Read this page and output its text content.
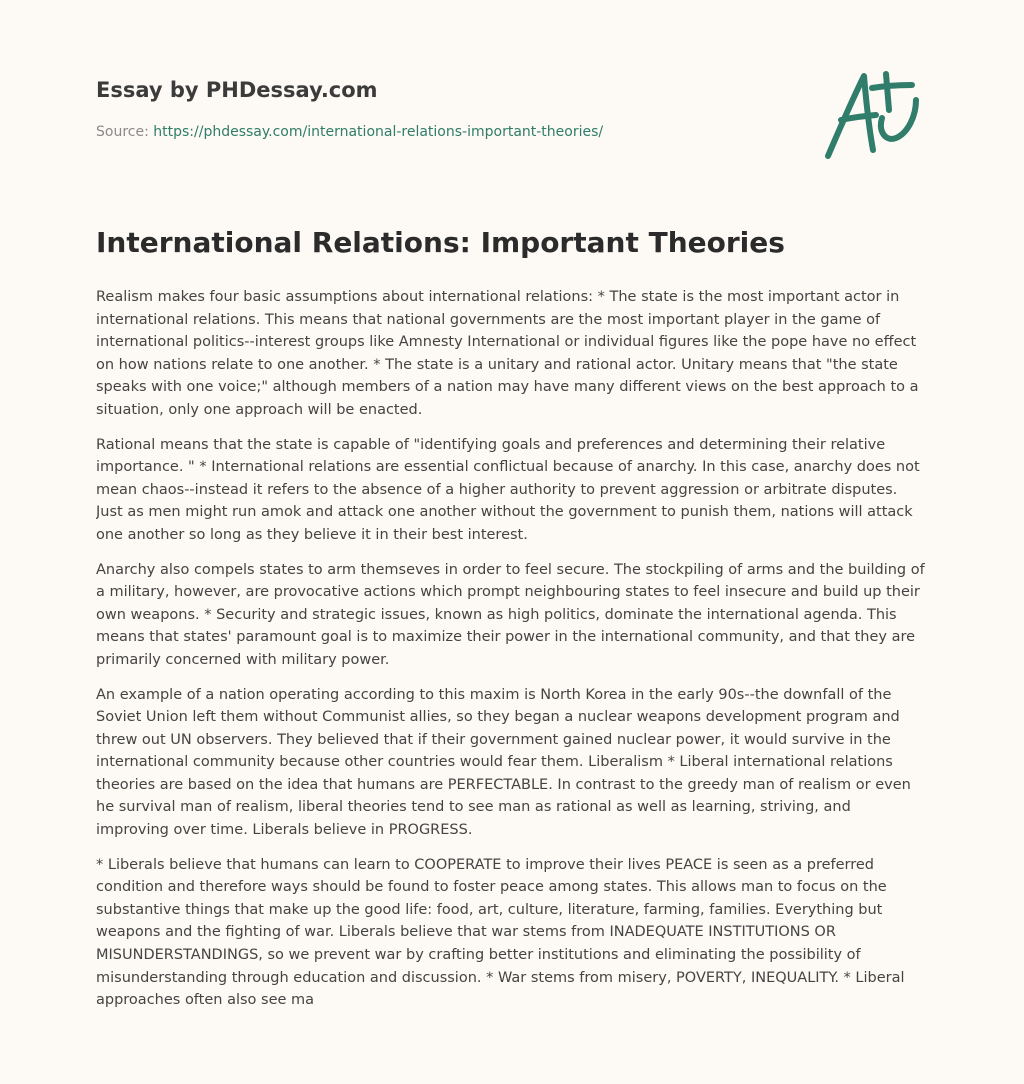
Essay by PHDessay.com
Source: https://phdessay.com/international-relations-important-theories/
International Relations: Important Theories

Realism makes four basic assumptions about international relations: * The state is the most important actor in international relations. This means that national governments are the most important player in the game of international politics--interest groups like Amnesty International or individual figures like the pope have no effect on how nations relate to one another. * The state is a unitary and rational actor. Unitary means that "the state speaks with one voice;" although members of a nation may have many different views on the best approach to a situation, only one approach will be enacted.

Rational means that the state is capable of "identifying goals and preferences and determining their relative importance. " * International relations are essential conflictual because of anarchy. In this case, anarchy does not mean chaos--instead it refers to the absence of a higher authority to prevent aggression or arbitrate disputes. Just as men might run amok and attack one another without the government to punish them, nations will attack one another so long as they believe it in their best interest.

Anarchy also compels states to arm themseves in order to feel secure. The stockpiling of arms and the building of a military, however, are provocative actions which prompt neighbouring states to feel insecure and build up their own weapons. * Security and strategic issues, known as high politics, dominate the international agenda. This means that states' paramount goal is to maximize their power in the international community, and that they are primarily concerned with military power.

An example of a nation operating according to this maxim is North Korea in the early 90s--the downfall of the Soviet Union left them without Communist allies, so they began a nuclear weapons development program and threw out UN observers. They believed that if their government gained nuclear power, it would survive in the international community because other countries would fear them. Liberalism * Liberal international relations theories are based on the idea that humans are PERFECTABLE. In contrast to the greedy man of realism or even he survival man of realism, liberal theories tend to see man as rational as well as learning, striving, and improving over time. Liberals believe in PROGRESS.

* Liberals believe that humans can learn to COOPERATE to improve their lives PEACE is seen as a preferred condition and therefore ways should be found to foster peace among states. This allows man to focus on the substantive things that make up the good life: food, art, culture, literature, farming, families. Everything but weapons and the fighting of war. Liberals believe that war stems from INADEQUATE INSTITUTIONS OR MISUNDERSTANDINGS, so we prevent war by crafting better institutions and eliminating the possibility of misunderstanding through education and discussion. * War stems from misery, POVERTY, INEQUALITY. * Liberal approaches often also see ma
